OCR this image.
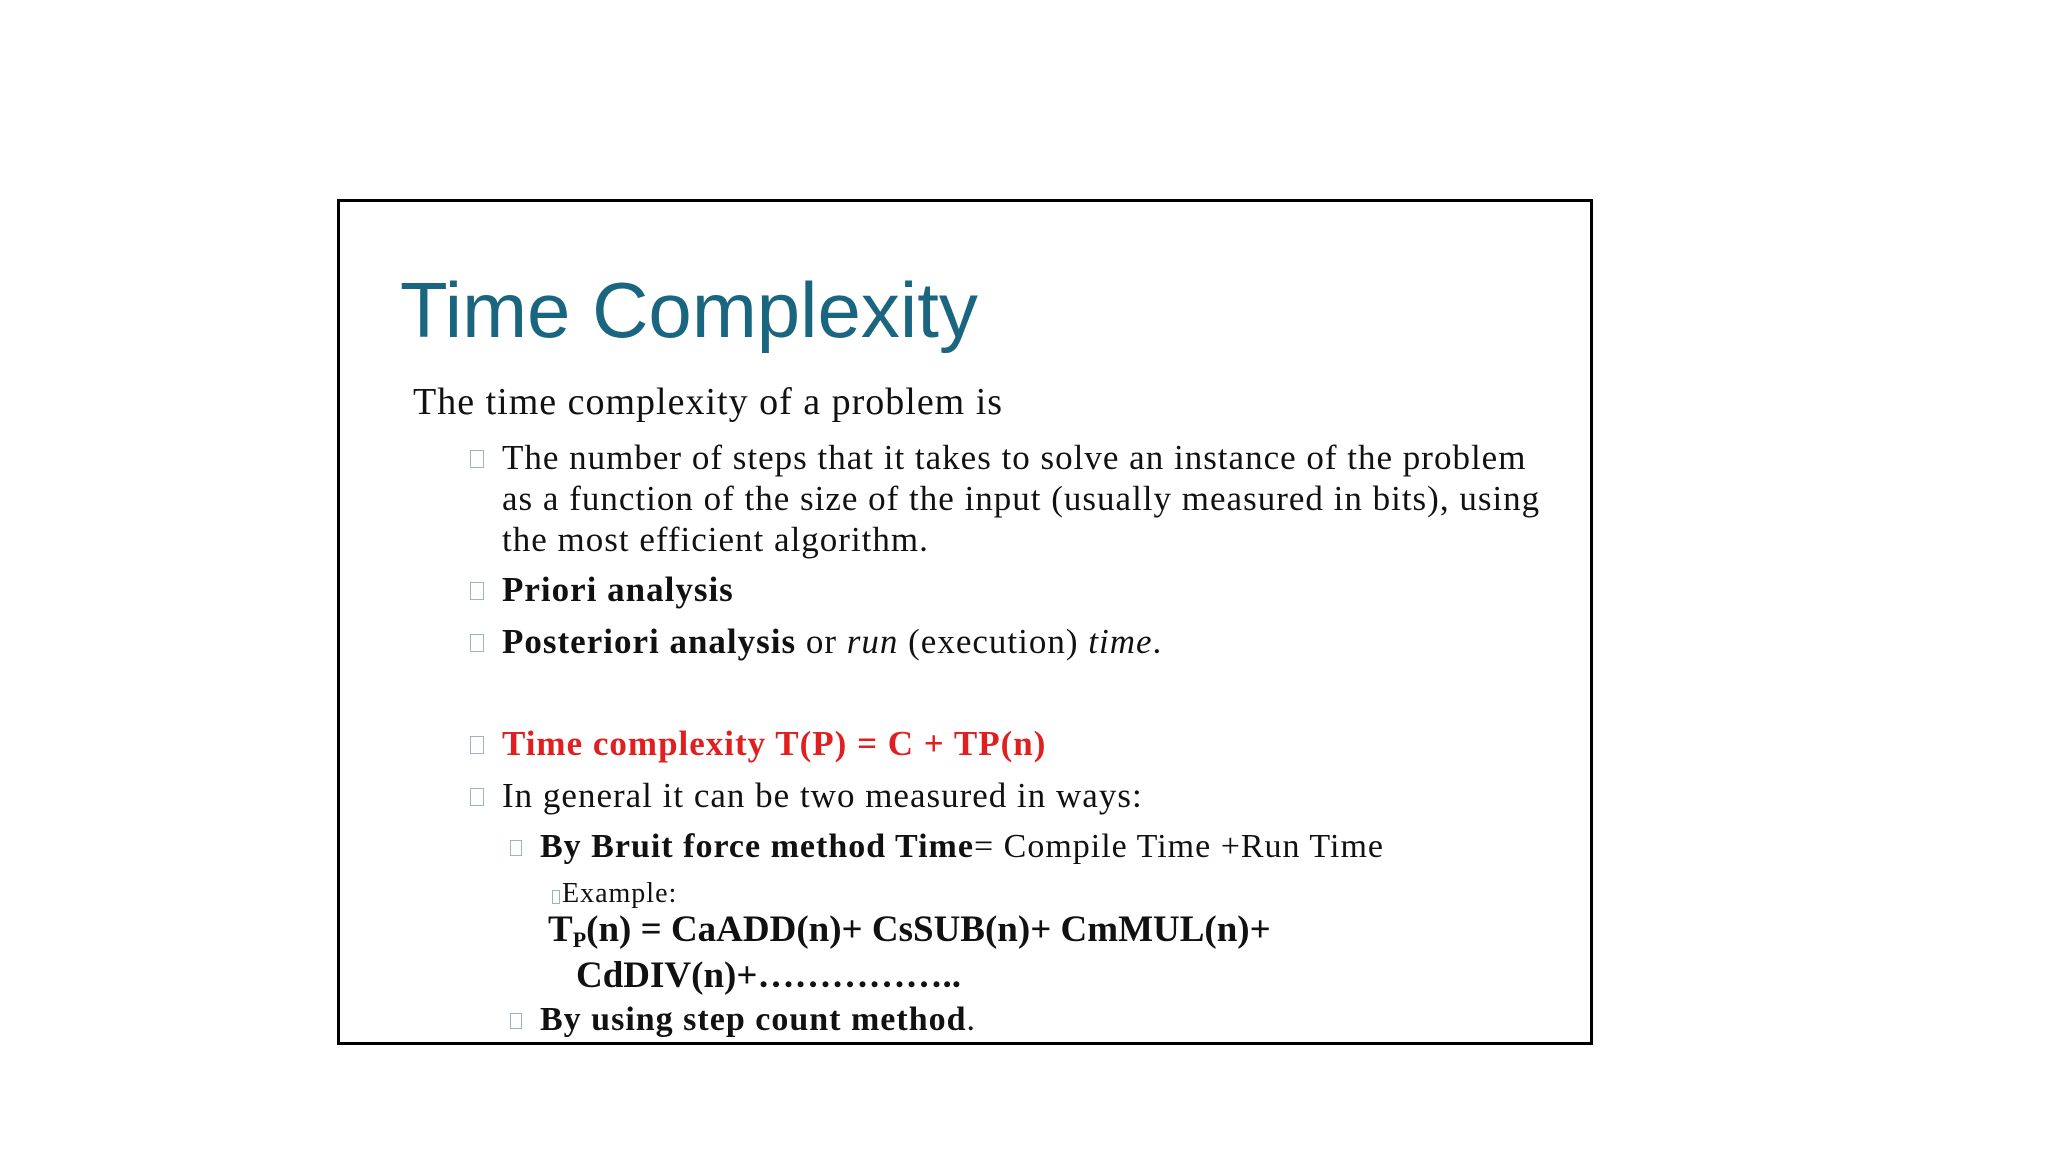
Time Complexity
The time complexity of a problem is
The number of steps that it takes to solve an instance of the problem as a function of the size of the input (usually measured in bits), using the most efficient algorithm.
Priori analysis
Posteriori analysis or run (execution) time.
Time complexity T(P) = C + TP(n)
In general it can be two measured in ways:
By Bruit force method Time= Compile Time +Run Time
Example:
$T_P(n)$ = CaADD(n)+ CsSUB(n)+ CmMUL(n)+
CdDIV(n)+……………..
By using step count method.
